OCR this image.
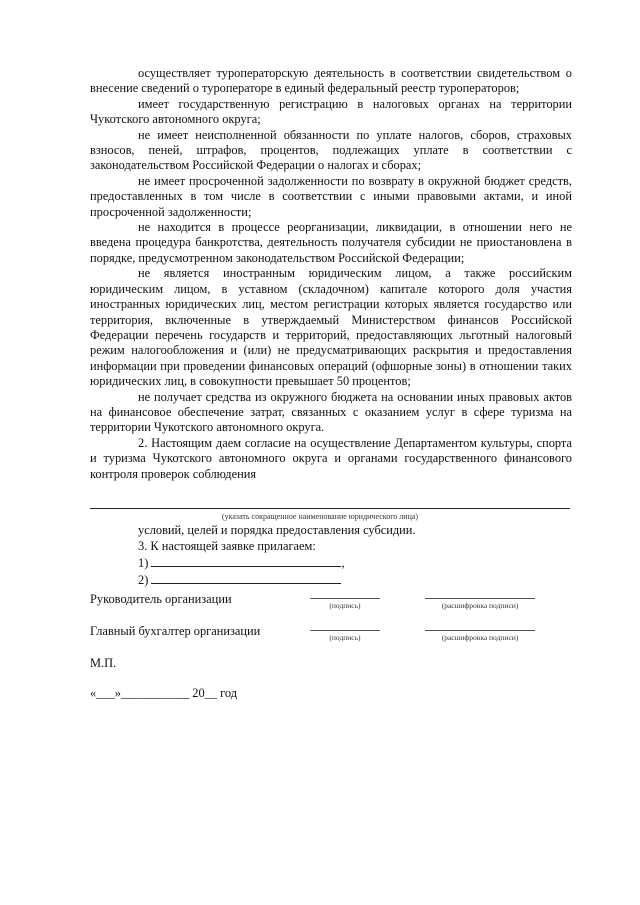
осуществляет туроператорскую деятельность в соответствии свидетельством о внесение сведений о туроператоре в единый федеральный реестр туроператоров;

имеет государственную регистрацию в налоговых органах на территории Чукотского автономного округа;

не имеет неисполненной обязанности по уплате налогов, сборов, страховых взносов, пеней, штрафов, процентов, подлежащих уплате в соответствии с законодательством Российской Федерации о налогах и сборах;

не имеет просроченной задолженности по возврату в окружной бюджет средств, предоставленных в том числе в соответствии с иными правовыми актами, и иной просроченной задолженности;

не находится в процессе реорганизации, ликвидации, в отношении него не введена процедура банкротства, деятельность получателя субсидии не приостановлена в порядке, предусмотренном законодательством Российской Федерации;

не является иностранным юридическим лицом, а также российским юридическим лицом, в уставном (складочном) капитале которого доля участия иностранных юридических лиц, местом регистрации которых является государство или территория, включенные в утверждаемый Министерством финансов Российской Федерации перечень государств и территорий, предоставляющих льготный налоговый режим налогообложения и (или) не предусматривающих раскрытия и предоставления информации при проведении финансовых операций (офшорные зоны) в отношении таких юридических лиц, в совокупности превышает 50 процентов;

не получает средства из окружного бюджета на основании иных правовых актов на финансовое обеспечение затрат, связанных с оказанием услуг в сфере туризма на территории Чукотского автономного округа.

2. Настоящим даем согласие на осуществление Департаментом культуры, спорта и туризма Чукотского автономного округа и органами государственного финансового контроля проверок соблюдения

(указать сокращенное наименование юридического лица)
условий, целей и порядка предоставления субсидии.
3. К настоящей заявке прилагаем:
1)	,
2)
Руководитель организации	(подпись)	(расшифровка подписи)
Главный бухгалтер организации	(подпись)	(расшифровка подписи)
М.П.
«___»___________ 20__ год
